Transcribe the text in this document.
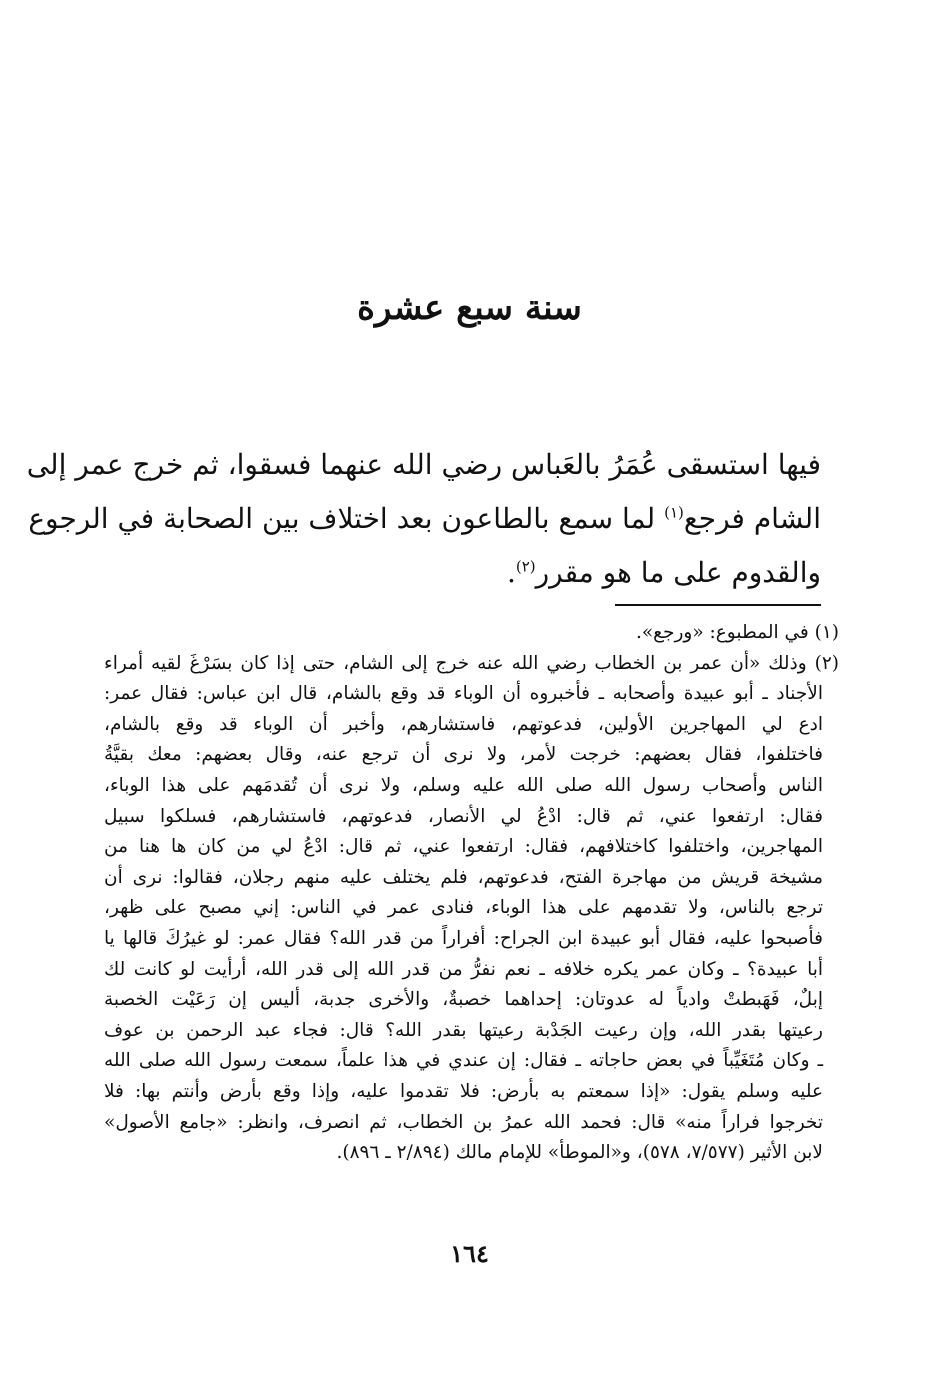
سنة سبع عشرة

فيها استسقى عُمَرُ بالعَباس رضي الله عنهما فسقوا، ثم خرج عمر إلى
الشام فرجع$^{(١)}$ لما سمع بالطاعون بعد اختلاف بين الصحابة في الرجوع
والقدوم على ما هو مقرر$^{(٢)}$.

(١) في المطبوع: «ورجع».
(٢) وذلك «أن عمر بن الخطاب رضي الله عنه خرج إلى الشام، حتى إذا كان بسَرْغَ لقيه أمراء
الأجناد ـ أبو عبيدة وأصحابه ـ فأخبروه أن الوباء قد وقع بالشام، قال ابن عباس: فقال عمر:
ادع لي المهاجرين الأولين، فدعوتهم، فاستشارهم، وأخبر أن الوباء قد وقع بالشام،
فاختلفوا، فقال بعضهم: خرجت لأمر، ولا نرى أن ترجع عنه، وقال بعضهم: معك بقيَّةُ
الناس وأصحاب رسول الله صلى الله عليه وسلم، ولا نرى أن تُقدمَهم على هذا الوباء،
فقال: ارتفعوا عني، ثم قال: ادْعُ لي الأنصار، فدعوتهم، فاستشارهم، فسلكوا سبيل
المهاجرين، واختلفوا كاختلافهم، فقال: ارتفعوا عني، ثم قال: ادْعُ لي من كان ها هنا من
مشيخة قريش من مهاجرة الفتح، فدعوتهم، فلم يختلف عليه منهم رجلان، فقالوا: نرى أن
ترجع بالناس، ولا تقدمهم على هذا الوباء، فنادى عمر في الناس: إني مصبح على ظهر،
فأصبحوا عليه، فقال أبو عبيدة ابن الجراح: أفراراً من قدر الله؟ فقال عمر: لو غيرُكَ قالها يا
أبا عبيدة؟ ـ وكان عمر يكره خلافه ـ نعم نفرُّ من قدر الله إلى قدر الله، أرأيت لو كانت لك
إبلٌ، فَهَبطتْ وادياً له عدوتان: إحداهما خصبةٌ، والأخرى جدبة، أليس إن رَعَيْت الخصبة
رعيتها بقدر الله، وإن رعيت الجَدْبة رعيتها بقدر الله؟ قال: فجاء عبد الرحمن بن عوف
ـ وكان مُتَغَيِّباً في بعض حاجاته ـ فقال: إن عندي في هذا علماً، سمعت رسول الله صلى الله
عليه وسلم يقول: «إذا سمعتم به بأرض: فلا تقدموا عليه، وإذا وقع بأرض وأنتم بها: فلا
تخرجوا فراراً منه» قال: فحمد الله عمرُ بن الخطاب، ثم انصرف، وانظر: «جامع الأصول»
لابن الأثير (٧/٥٧٧، ٥٧٨)، و«الموطأ» للإمام مالك (٢/٨٩٤ ـ ٨٩٦).
١٦٤
